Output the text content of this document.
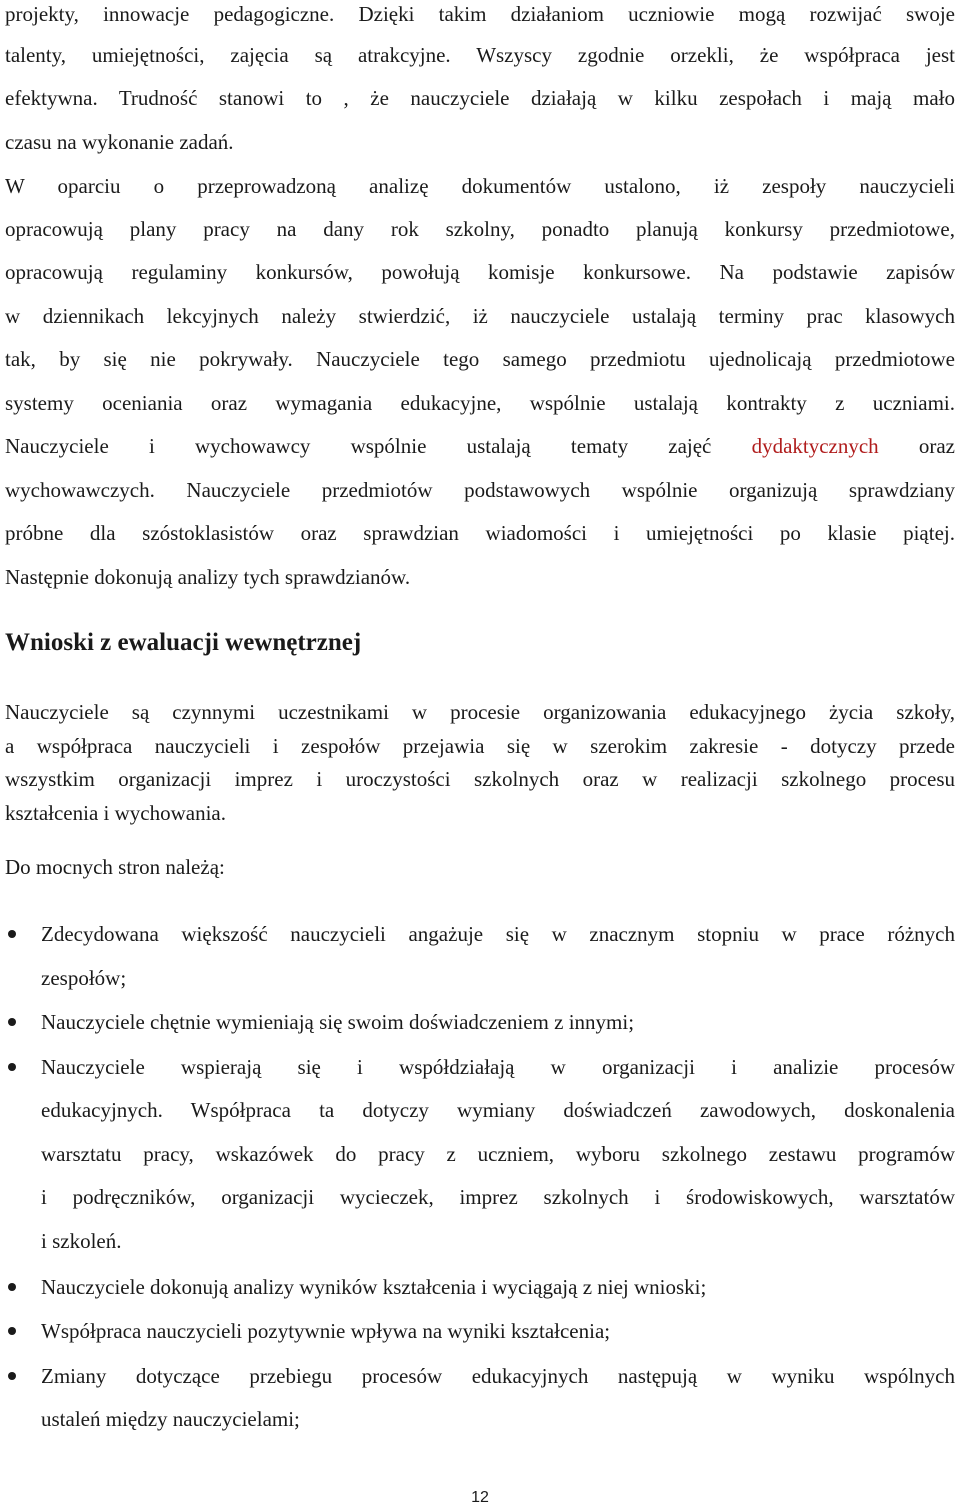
projekty, innowacje pedagogiczne. Dzięki takim działaniom uczniowie mogą rozwijać swoje
talenty, umiejętności, zajęcia są atrakcyjne. Wszyscy zgodnie orzekli, że współpraca jest
efektywna. Trudność stanowi to , że nauczyciele działają w kilku zespołach i mają mało
czasu na wykonanie zadań.
W oparciu o przeprowadzoną analizę dokumentów ustalono, iż zespoły nauczycieli
opracowują plany pracy na dany rok szkolny, ponadto planują konkursy przedmiotowe,
opracowują regulaminy konkursów, powołują komisje konkursowe. Na podstawie zapisów
w dziennikach lekcyjnych należy stwierdzić, iż nauczyciele ustalają terminy prac klasowych
tak, by się nie pokrywały. Nauczyciele tego samego przedmiotu ujednolicają przedmiotowe
systemy oceniania oraz wymagania edukacyjne, wspólnie ustalają kontrakty z uczniami.
Nauczyciele i wychowawcy wspólnie ustalają tematy zajęć dydaktycznych oraz
wychowawczych. Nauczyciele przedmiotów podstawowych wspólnie organizują sprawdziany
próbne dla szóstoklasistów oraz sprawdzian wiadomości i umiejętności po klasie piątej.
Następnie dokonują analizy tych sprawdzianów.
Wnioski z ewaluacji wewnętrznej
Nauczyciele są czynnymi uczestnikami w procesie organizowania edukacyjnego życia szkoły,
a współpraca nauczycieli i zespołów przejawia się w szerokim zakresie - dotyczy przede
wszystkim organizacji imprez i uroczystości szkolnych oraz w realizacji szkolnego procesu
kształcenia i wychowania.
Do mocnych stron należą:
Zdecydowana większość nauczycieli angażuje się w znacznym stopniu w prace różnych
zespołów;
Nauczyciele chętnie wymieniają się swoim doświadczeniem z innymi;
Nauczyciele wspierają się i współdziałają w organizacji i analizie procesów
edukacyjnych. Współpraca ta dotyczy wymiany doświadczeń zawodowych, doskonalenia
warsztatu pracy, wskazówek do pracy z uczniem, wyboru szkolnego zestawu programów
i podręczników, organizacji wycieczek, imprez szkolnych i środowiskowych, warsztatów
i szkoleń.
Nauczyciele dokonują analizy wyników kształcenia i wyciągają z niej wnioski;
Współpraca nauczycieli pozytywnie wpływa na wyniki kształcenia;
Zmiany dotyczące przebiegu procesów edukacyjnych następują w wyniku wspólnych
ustaleń między nauczycielami;
12
